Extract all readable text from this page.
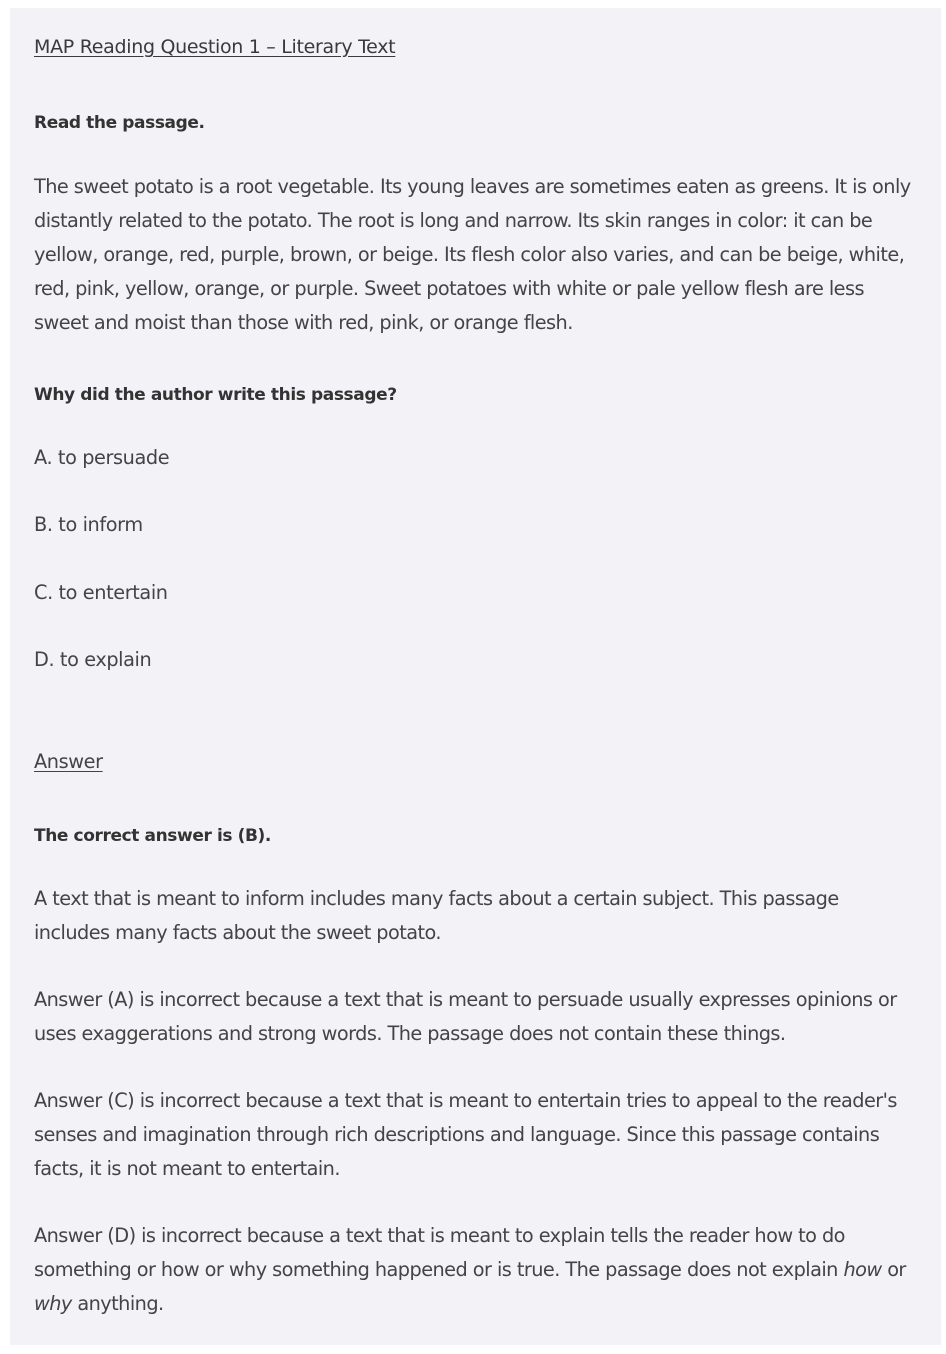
MAP Reading Question 1 – Literary Text

Read the passage.

The sweet potato is a root vegetable. Its young leaves are sometimes eaten as greens. It is only distantly related to the potato. The root is long and narrow. Its skin ranges in color: it can be yellow, orange, red, purple, brown, or beige. Its flesh color also varies, and can be beige, white, red, pink, yellow, orange, or purple. Sweet potatoes with white or pale yellow flesh are less sweet and moist than those with red, pink, or orange flesh.

Why did the author write this passage?

A. to persuade

B. to inform

C. to entertain

D. to explain

Answer

The correct answer is (B).

A text that is meant to inform includes many facts about a certain subject. This passage includes many facts about the sweet potato.

Answer (A) is incorrect because a text that is meant to persuade usually expresses opinions or uses exaggerations and strong words. The passage does not contain these things.

Answer (C) is incorrect because a text that is meant to entertain tries to appeal to the reader's senses and imagination through rich descriptions and language. Since this passage contains facts, it is not meant to entertain.

Answer (D) is incorrect because a text that is meant to explain tells the reader how to do something or how or why something happened or is true. The passage does not explain how or why anything.
